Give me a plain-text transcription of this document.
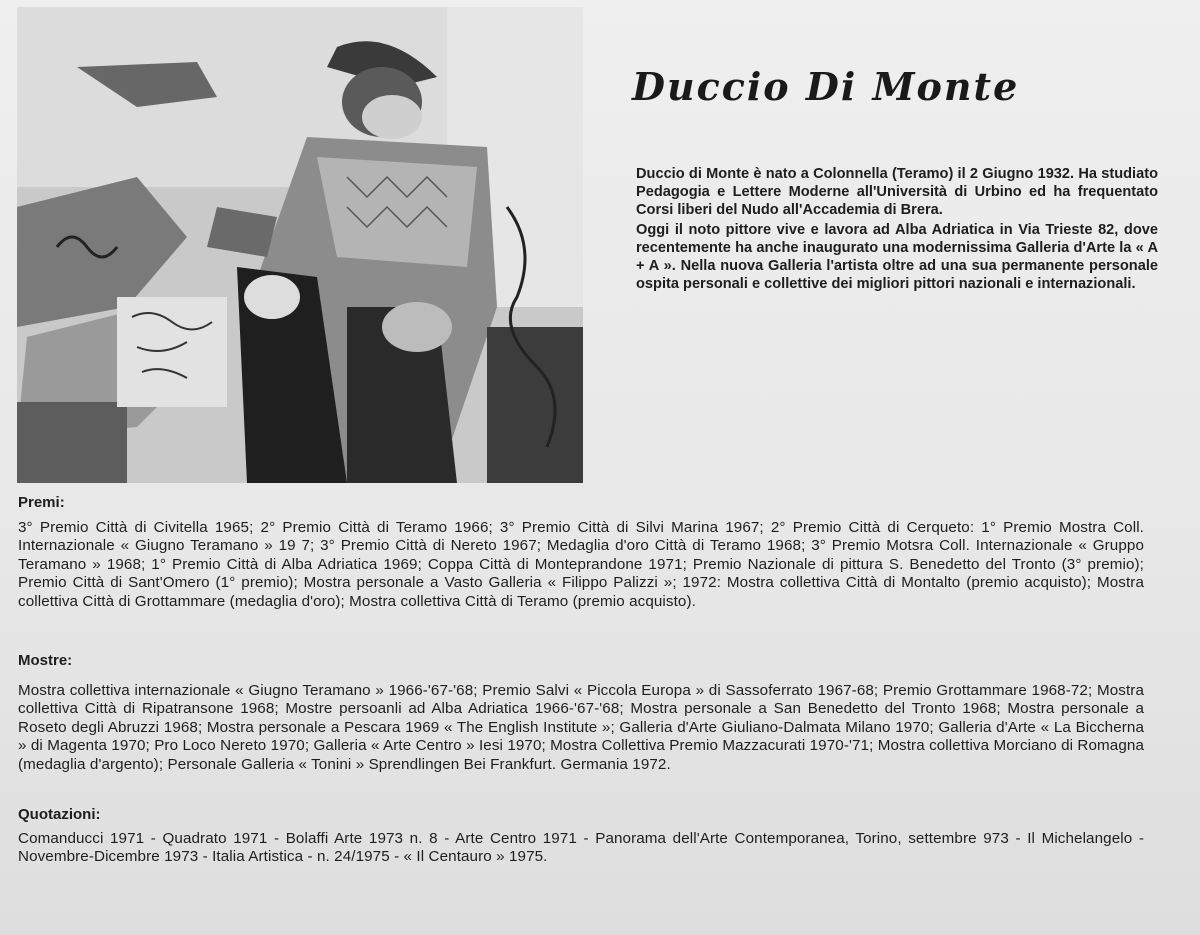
Duccio Di Monte

Duccio di Monte è nato a Colonnella (Teramo) il 2 Giugno 1932. Ha studiato Pedagogia e Lettere Moderne all'Università di Urbino ed ha frequentato Corsi liberi del Nudo all'Accademia di Brera.

Oggi il noto pittore vive e lavora ad Alba Adriatica in Via Trieste 82, dove recentemente ha anche inaugurato una modernissima Galleria d'Arte la « A + A ». Nella nuova Galleria l'artista oltre ad una sua permanente personale ospita personali e collettive dei migliori pittori nazionali e internazionali.

Premi:
3° Premio Città di Civitella 1965; 2° Premio Città di Teramo 1966; 3° Premio Città di Silvi Marina 1967; 2° Premio Città di Cerqueto: 1° Premio Mostra Coll. Internazionale « Giugno Teramano » 19 7; 3° Premio Città di Nereto 1967; Medaglia d'oro Città di Teramo 1968; 3° Premio Motsra Coll. Internazionale « Gruppo Teramano » 1968; 1° Premio Città di Alba Adriatica 1969; Coppa Città di Monteprandone 1971; Premio Nazionale di pittura S. Benedetto del Tronto (3° premio); Premio Città di Sant'Omero (1° premio); Mostra personale a Vasto Galleria « Filippo Palizzi »; 1972: Mostra collettiva Città di Montalto (premio acquisto); Mostra collettiva Città di Grottammare (medaglia d'oro); Mostra collettiva Città di Teramo (premio acquisto).
Mostre:
Mostra collettiva internazionale « Giugno Teramano » 1966-'67-'68; Premio Salvi « Piccola Europa » di Sassoferrato 1967-68; Premio Grottammare 1968-72; Mostra collettiva Città di Ripatransone 1968; Mostre persoanli ad Alba Adriatica 1966-'67-'68; Mostra personale a San Benedetto del Tronto 1968; Mostra personale a Roseto degli Abruzzi 1968; Mostra personale a Pescara 1969 « The English Institute »; Galleria d'Arte Giuliano-Dalmata Milano 1970; Galleria d'Arte « La Biccherna » di Magenta 1970; Pro Loco Nereto 1970; Galleria « Arte Centro » Iesi 1970; Mostra Collettiva Premio Mazzacurati 1970-'71; Mostra collettiva Morciano di Romagna (medaglia d'argento); Personale Galleria « Tonini » Sprendlingen Bei Frankfurt. Germania 1972.
Quotazioni:
Comanducci 1971 - Quadrato 1971 - Bolaffi Arte 1973 n. 8 - Arte Centro 1971 - Panorama dell'Arte Contemporanea, Torino, settembre 973 - Il Michelangelo - Novembre-Dicembre 1973 - Italia Artistica - n. 24/1975 - « Il Centauro » 1975.
